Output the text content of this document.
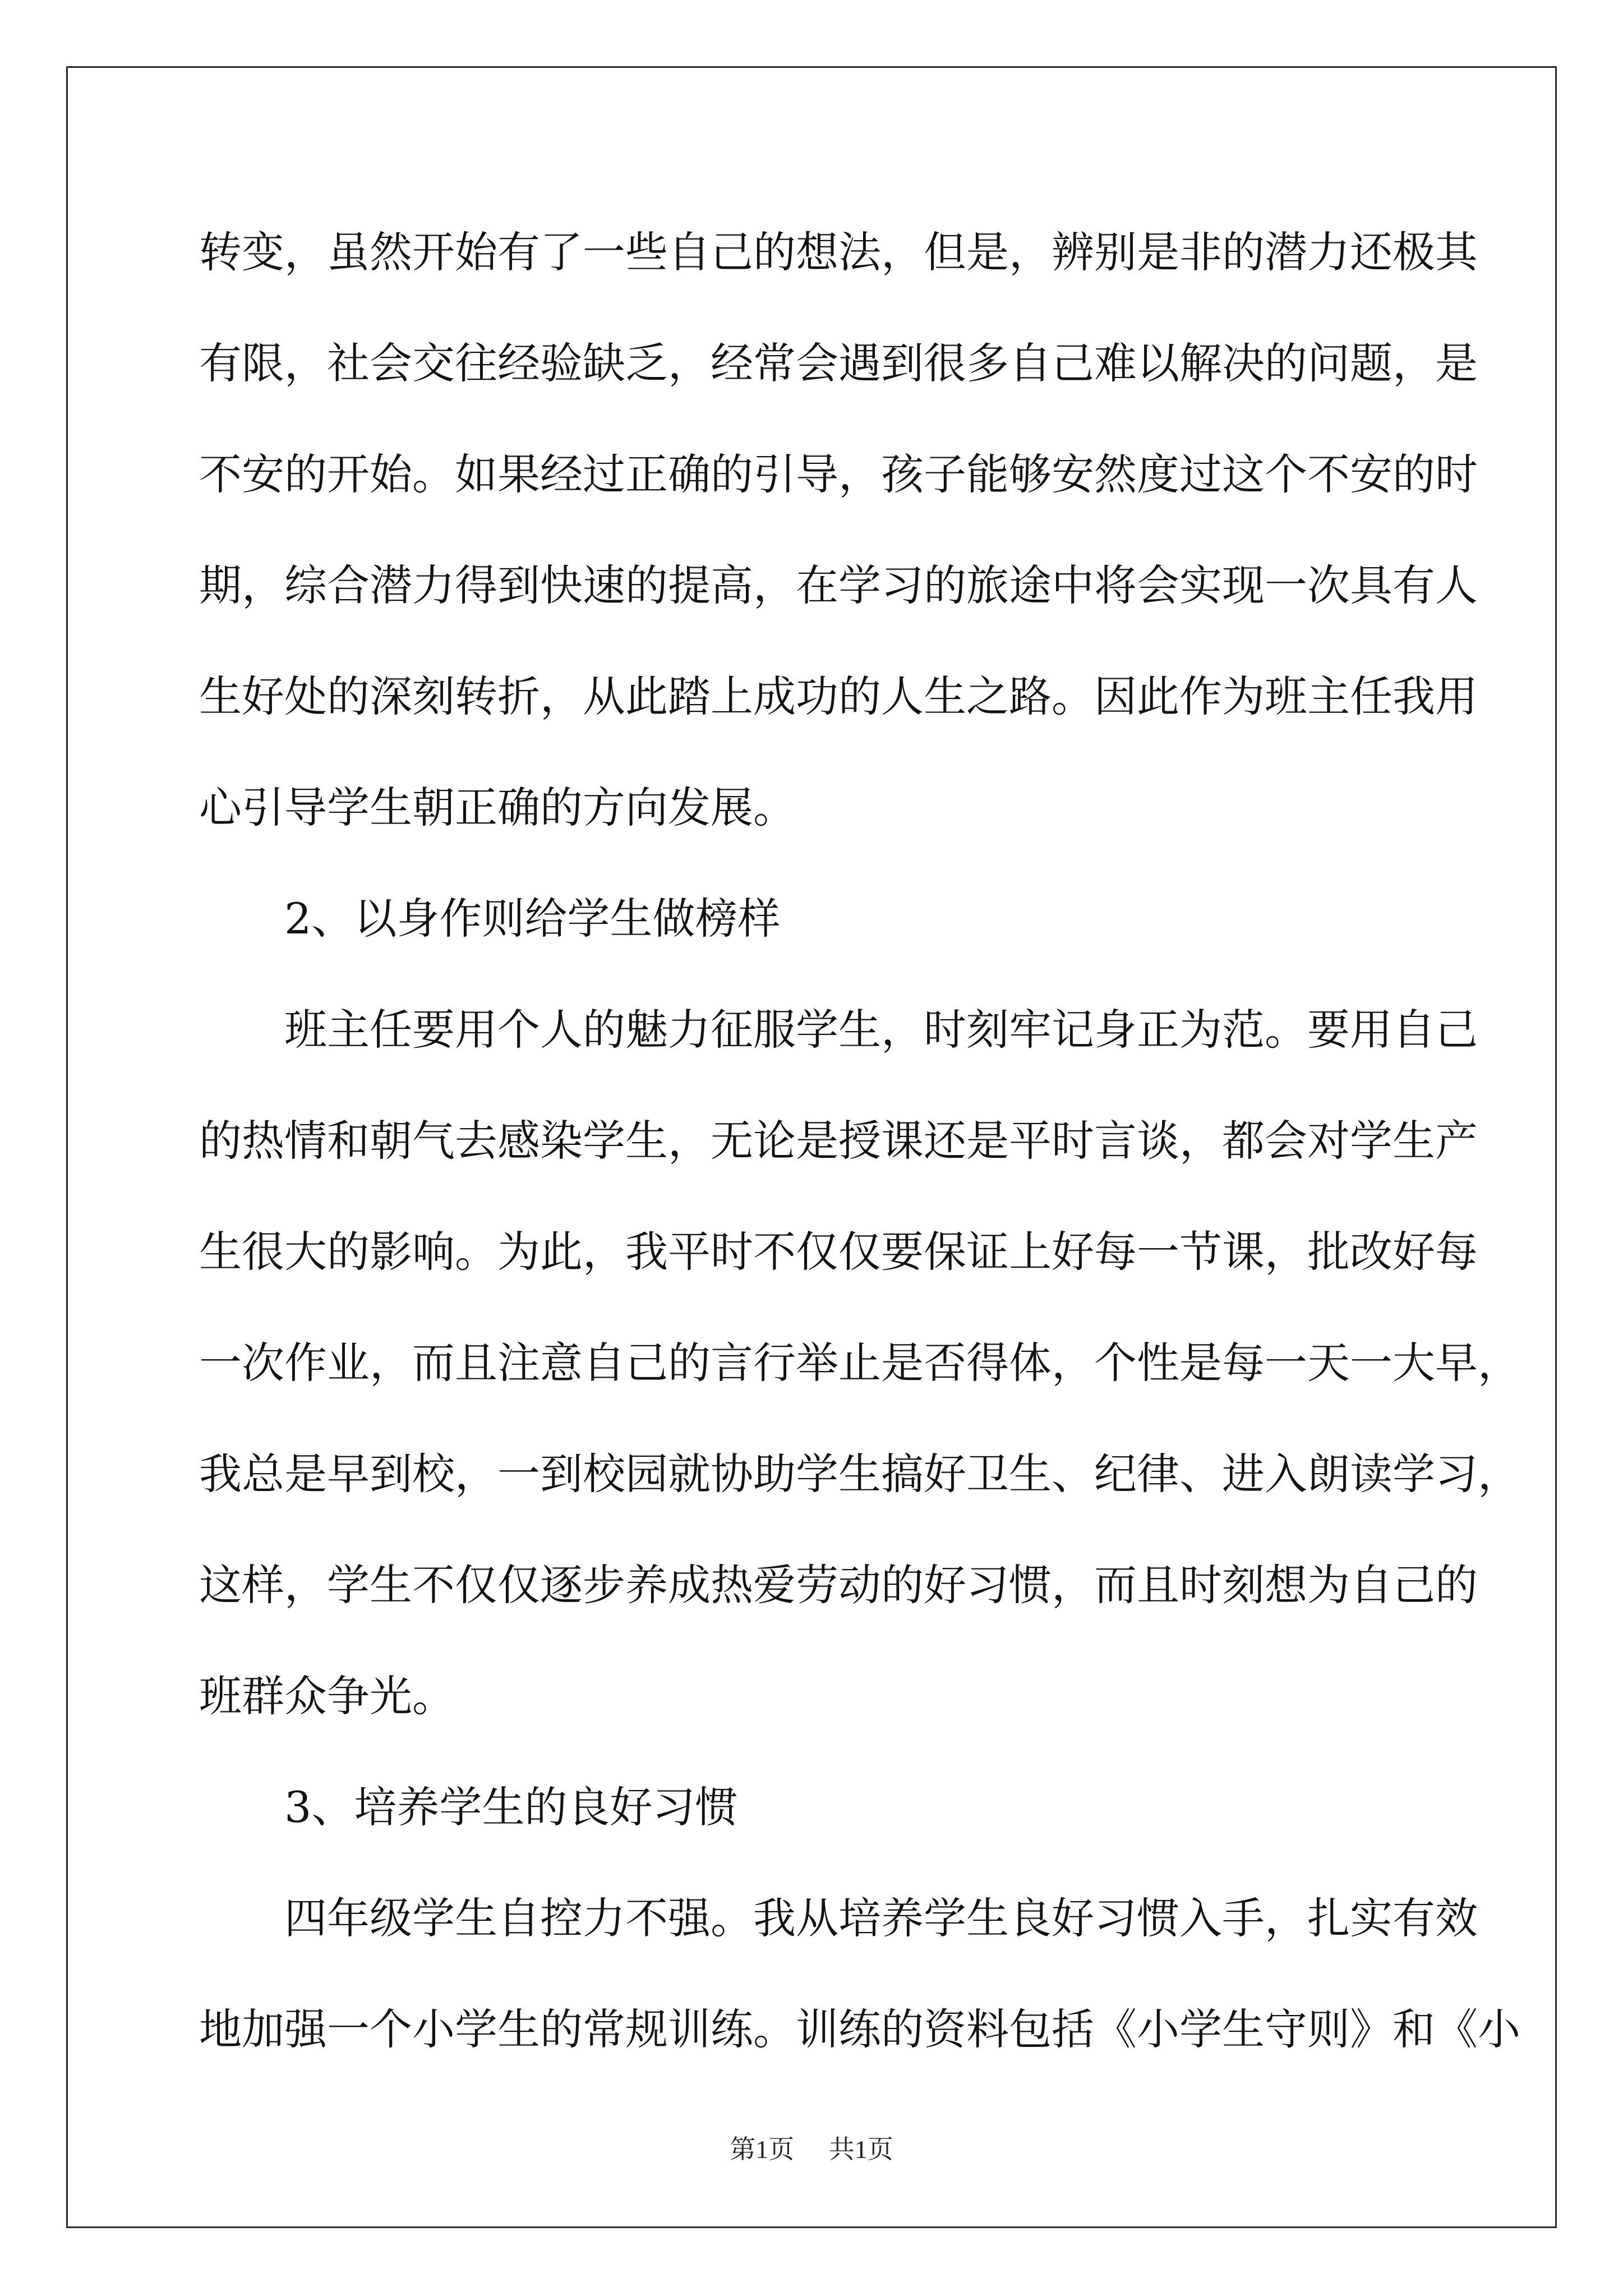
转变，虽然开始有了一些自己的想法，但是，辨别是非的潜力还极其
有限，社会交往经验缺乏，经常会遇到很多自己难以解决的问题，是
不安的开始。如果经过正确的引导，孩子能够安然度过这个不安的时
期，综合潜力得到快速的提高，在学习的旅途中将会实现一次具有人
生好处的深刻转折，从此踏上成功的人生之路。因此作为班主任我用
心引导学生朝正确的方向发展。
2、以身作则给学生做榜样
班主任要用个人的魅力征服学生，时刻牢记身正为范。要用自己
的热情和朝气去感染学生，无论是授课还是平时言谈，都会对学生产
生很大的影响。为此，我平时不仅仅要保证上好每一节课，批改好每
一次作业，而且注意自己的言行举止是否得体，个性是每一天一大早，
我总是早到校，一到校园就协助学生搞好卫生、纪律、进入朗读学习，
这样，学生不仅仅逐步养成热爱劳动的好习惯，而且时刻想为自己的
班群众争光。
3、培养学生的良好习惯
四年级学生自控力不强。我从培养学生良好习惯入手，扎实有效
地加强一个小学生的常规训练。训练的资料包括《小学生守则》和《小
第1页 共1页
